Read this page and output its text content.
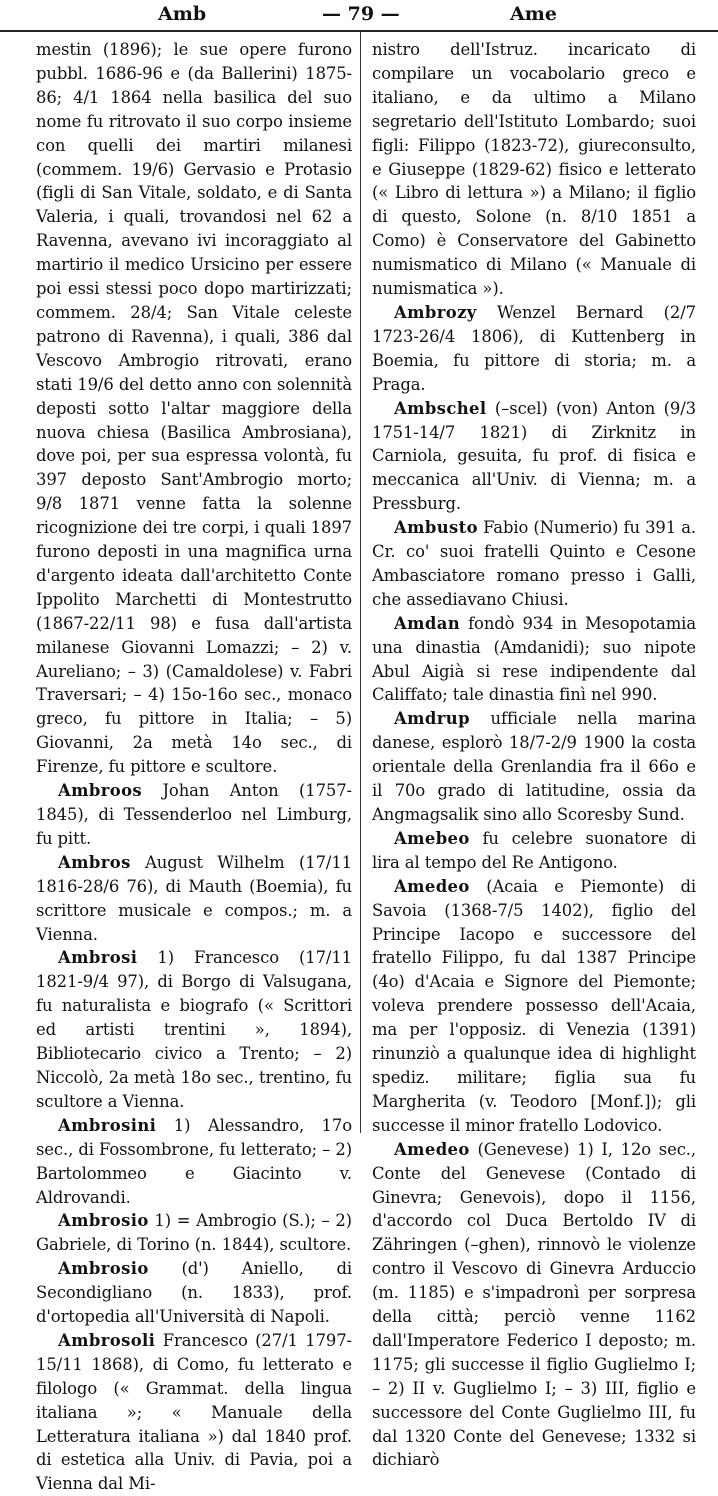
Amb	— 79 —	Ame

mestin (1896); le sue opere furono pubbl. 1686-96 e (da Ballerini) 1875-86; 4/1 1864 nella basilica del suo nome fu ritrovato il suo corpo insieme con quelli dei martiri milanesi (commem. 19/6) Gervasio e Protasio (figli di San Vitale, soldato, e di Santa Valeria, i quali, trovandosi nel 62 a Ravenna, avevano ivi incoraggiato al martirio il medico Ursicino per essere poi essi stessi poco dopo martirizzati; commem. 28/4; San Vitale celeste patrono di Ravenna), i quali, 386 dal Vescovo Ambrogio ritrovati, erano stati 19/6 del detto anno con solennità deposti sotto l'altar maggiore della nuova chiesa (Basilica Ambrosiana), dove poi, per sua espressa volontà, fu 397 deposto Sant'Ambrogio morto; 9/8 1871 venne fatta la solenne ricognizione dei tre corpi, i quali 1897 furono deposti in una magnifica urna d'argento ideata dall'architetto Conte Ippolito Marchetti di Montestrutto (1867-22/11 98) e fusa dall'artista milanese Giovanni Lomazzi; – 2) v. Aureliano; – 3) (Camaldolese) v. Fabri Traversari; – 4) 15o-16o sec., monaco greco, fu pittore in Italia; – 5) Giovanni, 2a metà 14o sec., di Firenze, fu pittore e scultore.

Ambroos Johan Anton (1757-1845), di Tessenderloo nel Limburg, fu pitt.

Ambros August Wilhelm (17/11 1816-28/6 76), di Mauth (Boemia), fu scrittore musicale e compos.; m. a Vienna.

Ambrosi 1) Francesco (17/11 1821-9/4 97), di Borgo di Valsugana, fu naturalista e biografo (« Scrittori ed artisti trentini », 1894), Bibliotecario civico a Trento; – 2) Niccolò, 2a metà 18o sec., trentino, fu scultore a Vienna.

Ambrosini 1) Alessandro, 17o sec., di Fossombrone, fu letterato; – 2) Bartolommeo e Giacinto v. Aldrovandi.

Ambrosio 1) = Ambrogio (S.); – 2) Gabriele, di Torino (n. 1844), scultore.

Ambrosio (d') Aniello, di Secondigliano (n. 1833), prof. d'ortopedia all'Università di Napoli.

Ambrosoli Francesco (27/1 1797-15/11 1868), di Como, fu letterato e filologo (« Grammat. della lingua italiana »; « Manuale della Letteratura italiana ») dal 1840 prof. di estetica alla Univ. di Pavia, poi a Vienna dal Mi-

nistro dell'Istruz. incaricato di compilare un vocabolario greco e italiano, e da ultimo a Milano segretario dell'Istituto Lombardo; suoi figli: Filippo (1823-72), giureconsulto, e Giuseppe (1829-62) fisico e letterato (« Libro di lettura ») a Milano; il figlio di questo, Solone (n. 8/10 1851 a Como) è Conservatore del Gabinetto numismatico di Milano (« Manuale di numismatica »).

Ambrozy Wenzel Bernard (2/7 1723-26/4 1806), di Kuttenberg in Boemia, fu pittore di storia; m. a Praga.

Ambschel (–scel) (von) Anton (9/3 1751-14/7 1821) di Zirknitz in Carniola, gesuita, fu prof. di fisica e meccanica all'Univ. di Vienna; m. a Pressburg.

Ambusto Fabio (Numerio) fu 391 a. Cr. co' suoi fratelli Quinto e Cesone Ambasciatore romano presso i Galli, che assediavano Chiusi.

Amdan fondò 934 in Mesopotamia una dinastia (Amdanidi); suo nipote Abul Aigià si rese indipendente dal Califfato; tale dinastia finì nel 990.

Amdrup ufficiale nella marina danese, esplorò 18/7-2/9 1900 la costa orientale della Grenlandia fra il 66o e il 70o grado di latitudine, ossia da Angmagsalik sino allo Scoresby Sund.

Amebeo fu celebre suonatore di lira al tempo del Re Antigono.

Amedeo (Acaia e Piemonte) di Savoia (1368-7/5 1402), figlio del Principe Iacopo e successore del fratello Filippo, fu dal 1387 Principe (4o) d'Acaia e Signore del Piemonte; voleva prendere possesso dell'Acaia, ma per l'opposiz. di Venezia (1391) rinunziò a qualunque idea di highlight spediz. militare; figlia sua fu Margherita (v. Teodoro [Monf.]); gli successe il minor fratello Lodovico.

Amedeo (Genevese) 1) I, 12o sec., Conte del Genevese (Contado di Ginevra; Genevois), dopo il 1156, d'accordo col Duca Bertoldo IV di Zähringen (–ghen), rinnovò le violenze contro il Vescovo di Ginevra Arduccio (m. 1185) e s'impadronì per sorpresa della città; perciò venne 1162 dall'Imperatore Federico I deposto; m. 1175; gli successe il figlio Guglielmo I; – 2) II v. Guglielmo I; – 3) III, figlio e successore del Conte Guglielmo III, fu dal 1320 Conte del Genevese; 1332 si dichiarò
